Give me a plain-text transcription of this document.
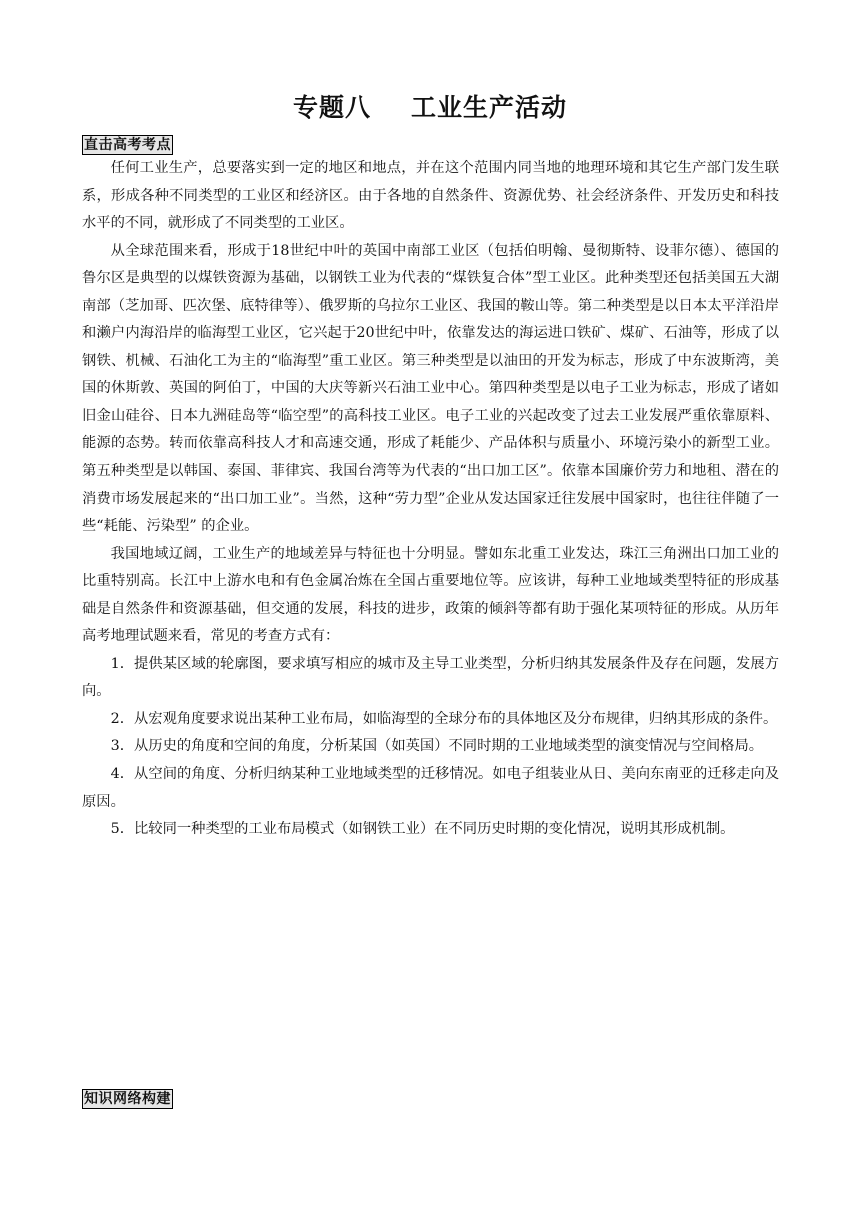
专题八 工业生产活动
直击高考考点

任何工业生产，总要落实到一定的地区和地点，并在这个范围内同当地的地理环境和其它生产部门发生联系，形成各种不同类型的工业区和经济区。由于各地的自然条件、资源优势、社会经济条件、开发历史和科技水平的不同，就形成了不同类型的工业区。

从全球范围来看，形成于18世纪中叶的英国中南部工业区（包括伯明翰、曼彻斯特、设菲尔德）、德国的鲁尔区是典型的以煤铁资源为基础，以钢铁工业为代表的“煤铁复合体”型工业区。此种类型还包括美国五大湖南部（芝加哥、匹次堡、底特律等）、俄罗斯的乌拉尔工业区、我国的鞍山等。第二种类型是以日本太平洋沿岸和濑户内海沿岸的临海型工业区，它兴起于20世纪中叶，依靠发达的海运进口铁矿、煤矿、石油等，形成了以钢铁、机械、石油化工为主的“临海型”重工业区。第三种类型是以油田的开发为标志，形成了中东波斯湾，美国的休斯敦、英国的阿伯丁，中国的大庆等新兴石油工业中心。第四种类型是以电子工业为标志，形成了诸如旧金山硅谷、日本九洲硅岛等“临空型”的高科技工业区。电子工业的兴起改变了过去工业发展严重依靠原料、能源的态势。转而依靠高科技人才和高速交通，形成了耗能少、产品体积与质量小、环境污染小的新型工业。第五种类型是以韩国、泰国、菲律宾、我国台湾等为代表的“出口加工区”。依靠本国廉价劳力和地租、潜在的消费市场发展起来的“出口加工业”。当然，这种“劳力型”企业从发达国家迁往发展中国家时，也往往伴随了一些“耗能、污染型” 的企业。

我国地域辽阔，工业生产的地域差异与特征也十分明显。譬如东北重工业发达，珠江三角洲出口加工业的比重特别高。长江中上游水电和有色金属冶炼在全国占重要地位等。应该讲，每种工业地域类型特征的形成基础是自然条件和资源基础，但交通的发展，科技的进步，政策的倾斜等都有助于强化某项特征的形成。从历年高考地理试题来看，常见的考查方式有：

1．提供某区域的轮廓图，要求填写相应的城市及主导工业类型，分析归纳其发展条件及存在问题，发展方向。

2．从宏观角度要求说出某种工业布局，如临海型的全球分布的具体地区及分布规律，归纳其形成的条件。

3．从历史的角度和空间的角度，分析某国（如英国）不同时期的工业地域类型的演变情况与空间格局。

4．从空间的角度、分析归纳某种工业地域类型的迁移情况。如电子组装业从日、美向东南亚的迁移走向及原因。

5．比较同一种类型的工业布局模式（如钢铁工业）在不同历史时期的变化情况，说明其形成机制。

知识网络构建
